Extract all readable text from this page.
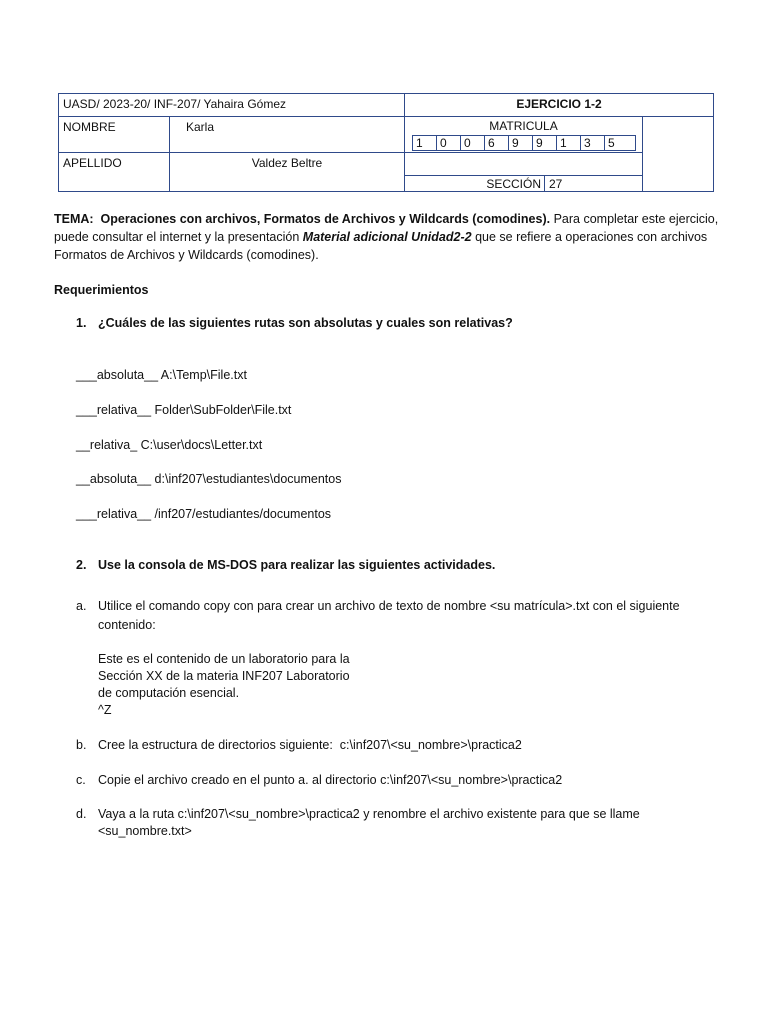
UASD/ 2023-20/ INF-207/ Yahaira Gómez	EJERCICIO 1-2
NOMBRE	Karla	MATRICULA
1	0	0	6	9	9	1	3	5
APELLIDO	Valdez Beltre
SECCIÓN 27
TEMA: Operaciones con archivos, Formatos de Archivos y Wildcards (comodines). Para completar este ejercicio,
puede consultar el internet y la presentación Material adicional Unidad2-2 que se refiere a operaciones con archivos
Formatos de Archivos y Wildcards (comodines).
Requerimientos
1. ¿Cuáles de las siguientes rutas son absolutas y cuales son relativas?
___absoluta__ A:\Temp\File.txt
___relativa__ Folder\SubFolder\File.txt
__relativa_ C:\user\docs\Letter.txt
__absoluta__ d:\inf207\estudiantes\documentos
___relativa__ /inf207/estudiantes/documentos
2. Use la consola de MS-DOS para realizar las siguientes actividades.
a. Utilice el comando copy con para crear un archivo de texto de nombre <su matrícula>.txt con el siguiente
contenido:
Este es el contenido de un laboratorio para la
Sección XX de la materia INF207 Laboratorio
de computación esencial.
^Z
b. Cree la estructura de directorios siguiente:  c:\inf207\<su_nombre>\practica2
c. Copie el archivo creado en el punto a. al directorio c:\inf207\<su_nombre>\practica2
d. Vaya a la ruta c:\inf207\<su_nombre>\practica2 y renombre el archivo existente para que se llame
<su_nombre.txt>
